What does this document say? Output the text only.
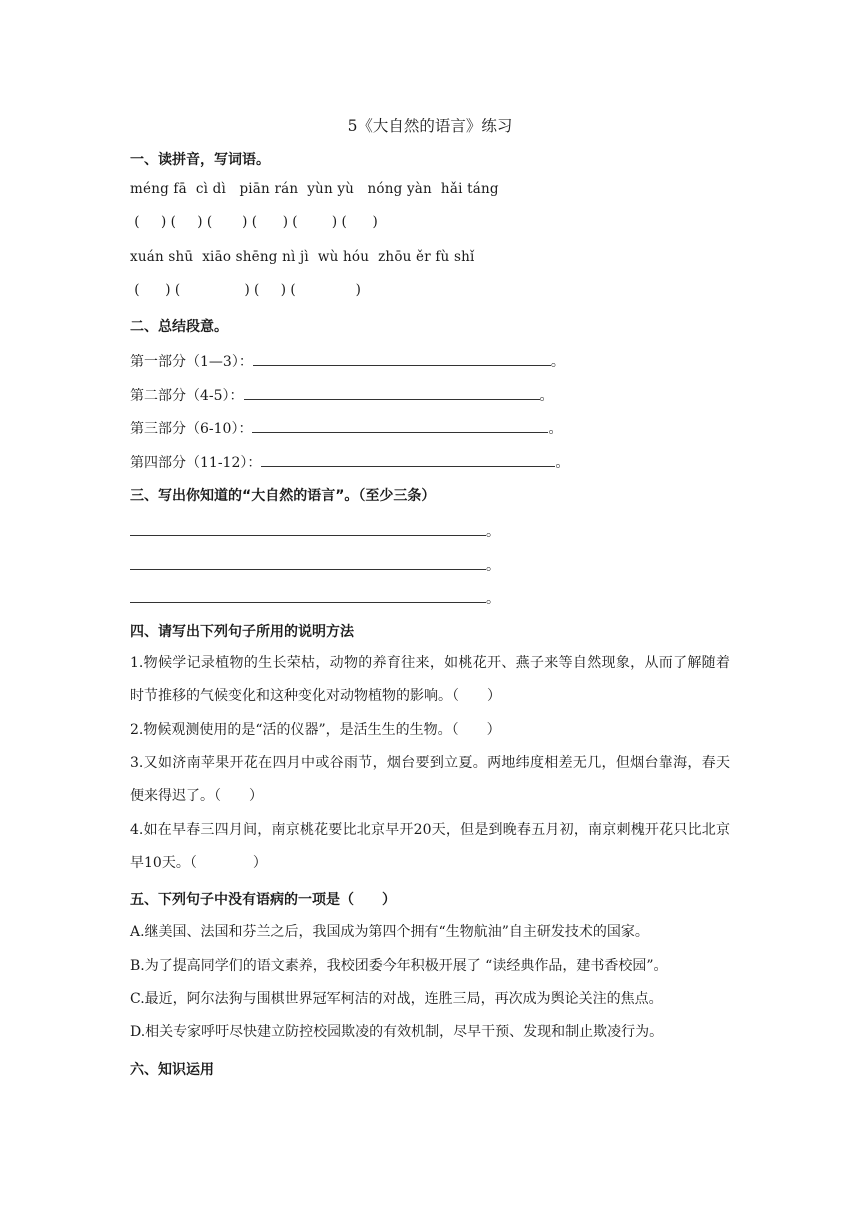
5《大自然的语言》练习
一、读拼音，写词语。
méng fā  cì dì   piān rán  yùn yù   nóng yàn  hǎi táng
(     ) (     ) (       ) (      ) (        ) (      )
xuán shū  xiāo shēng nì jì  wù hóu  zhōu ěr fù shǐ
(      ) (               ) (     ) (              )
二、总结段意。
第一部分（1—3）：	。
第二部分（4-5）：	。
第三部分（6-10）：	。
第四部分（11-12）：	。
三、写出你知道的“大自然的语言”。（至少三条）
。
。
。
四、请写出下列句子所用的说明方法
1.物候学记录植物的生长荣枯，动物的养育往来，如桃花开、燕子来等自然现象，从而了解随着时节推移的气候变化和这种变化对动物植物的影响。（　　）
2.物候观测使用的是“活的仪器”，是活生生的生物。（　　）
3.又如济南苹果开花在四月中或谷雨节，烟台要到立夏。两地纬度相差无几，但烟台靠海，春天便来得迟了。（　　）
4.如在早春三四月间，南京桃花要比北京早开20天，但是到晚春五月初，南京刺槐开花只比北京早10天。（　　　　）
五、下列句子中没有语病的一项是（　　）
A.继美国、法国和芬兰之后，我国成为第四个拥有“生物航油”自主研发技术的国家。
B.为了提高同学们的语文素养，我校团委今年积极开展了 “读经典作品，建书香校园”。
C.最近，阿尔法狗与围棋世界冠军柯洁的对战，连胜三局，再次成为舆论关注的焦点。
D.相关专家呼吁尽快建立防控校园欺凌的有效机制，尽早干预、发现和制止欺凌行为。
六、知识运用
